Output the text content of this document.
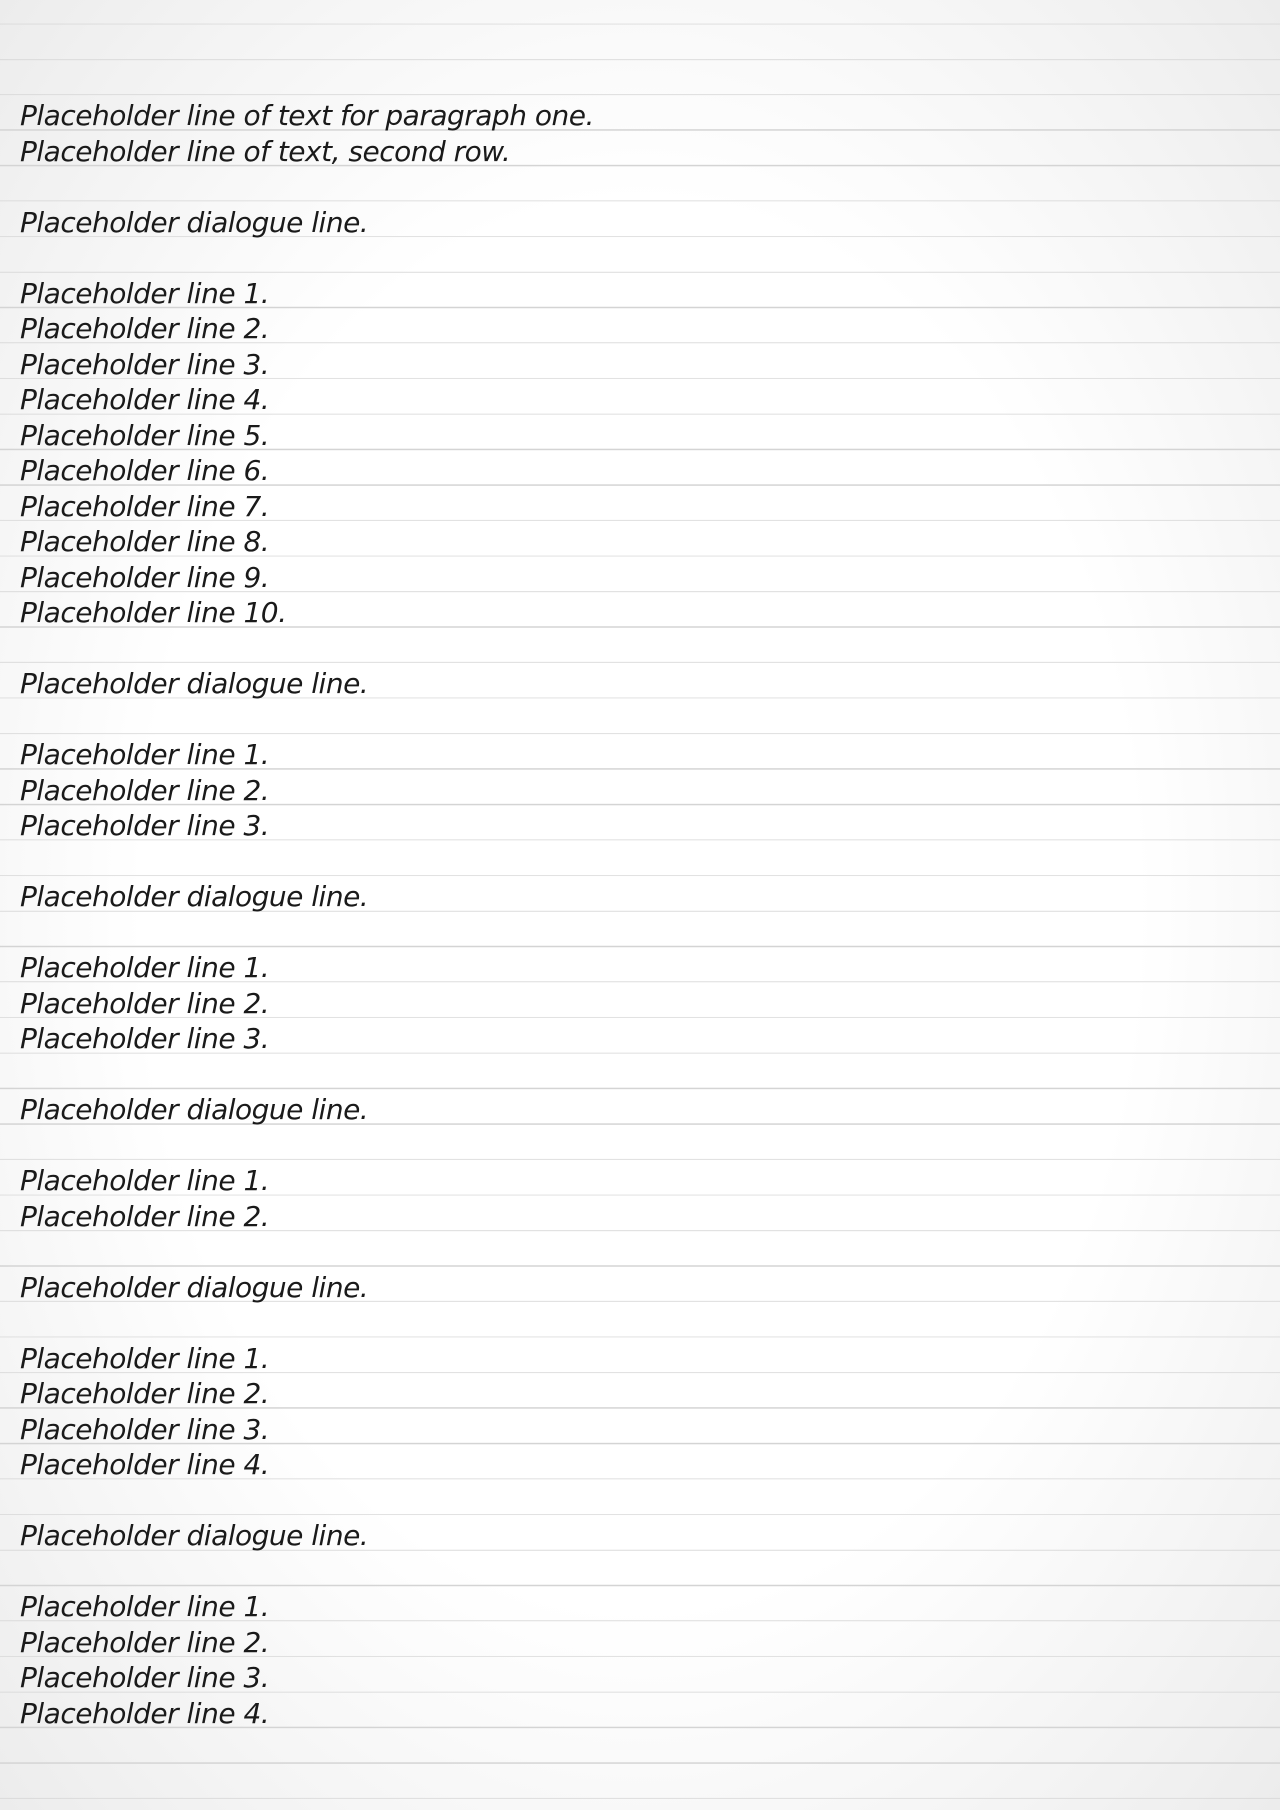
Placeholder line of text for paragraph one.
Placeholder line of text, second row.
Placeholder dialogue line.
Placeholder line 1.
Placeholder line 2.
Placeholder line 3.
Placeholder line 4.
Placeholder line 5.
Placeholder line 6.
Placeholder line 7.
Placeholder line 8.
Placeholder line 9.
Placeholder line 10.
Placeholder dialogue line.
Placeholder line 1.
Placeholder line 2.
Placeholder line 3.
Placeholder dialogue line.
Placeholder line 1.
Placeholder line 2.
Placeholder line 3.
Placeholder dialogue line.
Placeholder line 1.
Placeholder line 2.
Placeholder dialogue line.
Placeholder line 1.
Placeholder line 2.
Placeholder line 3.
Placeholder line 4.
Placeholder dialogue line.
Placeholder line 1.
Placeholder line 2.
Placeholder line 3.
Placeholder line 4.
